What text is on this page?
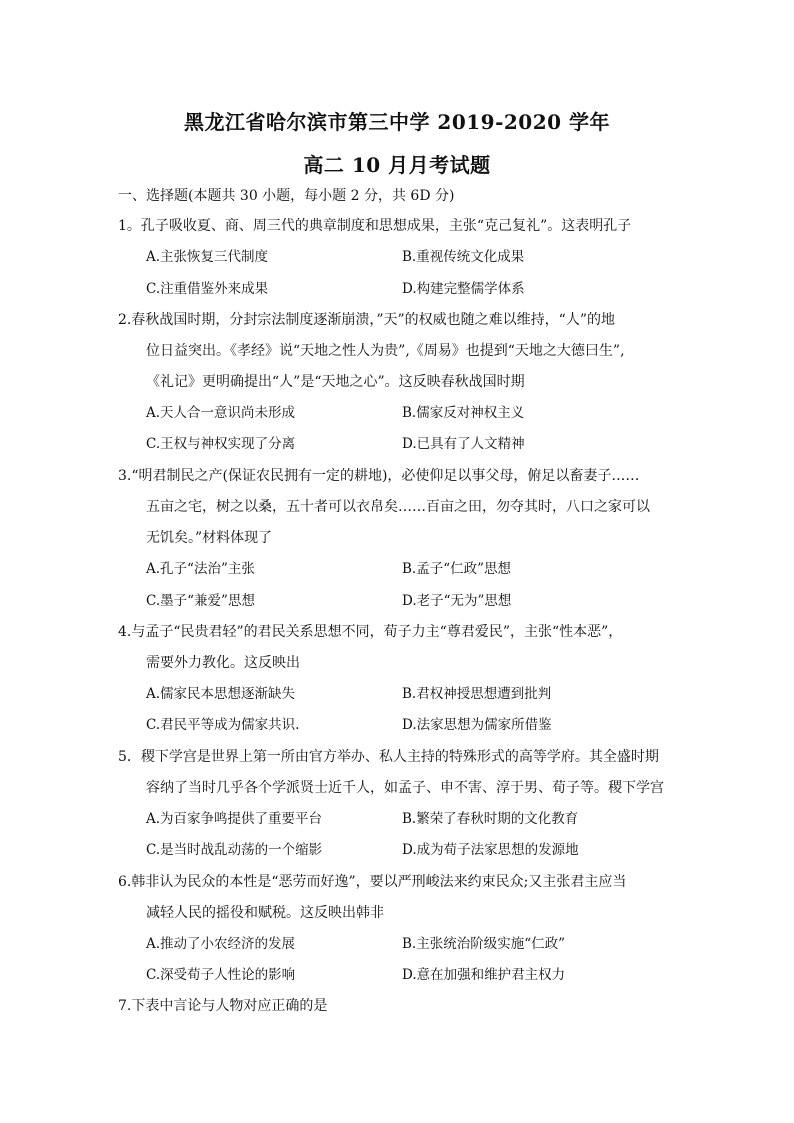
黑龙江省哈尔滨市第三中学 2019-2020 学年
高二 10 月月考试题
一、选择题(本题共 30 小题，每小题 2 分，共 6D 分)
1。孔子吸收夏、商、周三代的典章制度和思想成果，主张“克己复礼”。这表明孔子
A.主张恢复三代制度	B.重视传统文化成果
C.注重借鉴外来成果	D.构建完整儒学体系
2.春秋战国时期，分封宗法制度逐渐崩溃，”天”的权威也随之难以维持，“人”的地
位日益突出。《孝经》说“天地之性人为贵”,《周易》也提到“天地之大德曰生”,
《礼记》更明确提出“人”是“天地之心”。这反映春秋战国时期
A.天人合一意识尚未形成	B.儒家反对神权主义
C.王权与神权实现了分离	D.已具有了人文精神
3.“明君制民之产(保证农民拥有一定的耕地)，必使仰足以事父母，俯足以畜妻子……
五亩之宅，树之以桑，五十者可以衣帛矣……百亩之田，勿夺其时，八口之家可以
无饥矣。”材料体现了
A.孔子“法治”主张	B.孟子“仁政”思想
C.墨子“兼爱”思想	D.老子“无为”思想
4.与孟子“民贵君轻”的君民关系思想不同，荀子力主“尊君爱民”，主张“性本恶”，
需要外力教化。这反映出
A.儒家民本思想逐渐缺失	B.君权神授思想遭到批判
C.君民平等成为儒家共识.	D.法家思想为儒家所借鉴
5．稷下学宫是世界上第一所由官方举办、私人主持的特殊形式的高等学府。其全盛时期
容纳了当时几乎各个学派贤士近千人，如孟子、申不害、淳于男、荀子等。稷下学宫
A.为百家争鸣提供了重要平台	B.繁荣了春秋时期的文化教育
C.是当时战乱动荡的一个缩影	D.成为荀子法家思想的发源地
6.韩非认为民众的本性是“恶劳而好逸”，要以严刑峻法来约束民众;又主张君主应当
减轻人民的摇役和赋税。这反映出韩非
A.推动了小农经济的发展	B.主张统治阶级实施“仁政”
C.深受荀子人性论的影响	D.意在加强和维护君主权力
7.下表中言论与人物对应正确的是
